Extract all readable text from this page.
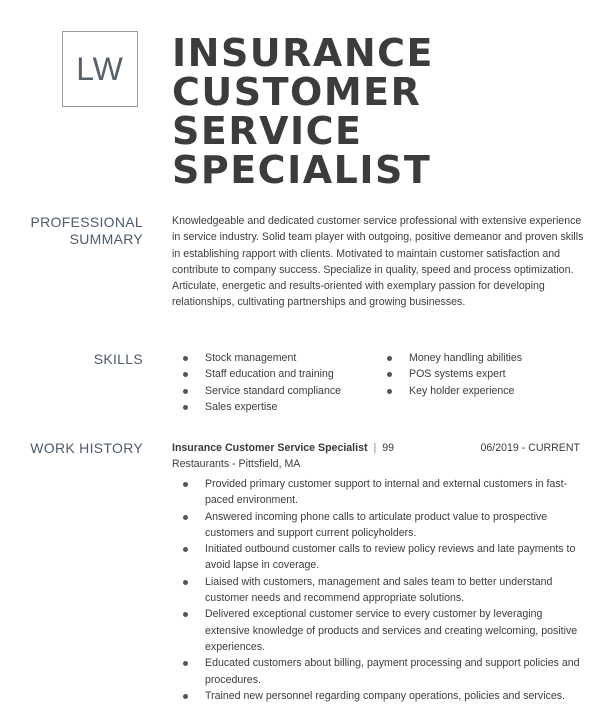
LW INSURANCE
CUSTOMER
SERVICE
SPECIALIST
PROFESSIONAL
SUMMARY

Knowledgeable and dedicated customer service professional with extensive experience in service industry. Solid team player with outgoing, positive demeanor and proven skills in establishing rapport with clients. Motivated to maintain customer satisfaction and contribute to company success. Specialize in quality, speed and process optimization. Articulate, energetic and results-oriented with exemplary passion for developing relationships, cultivating partnerships and growing businesses.

SKILLS	Stock management
Staff education and training
Service standard compliance
Sales expertise
Money handling abilities
POS systems expert
Key holder experience
WORK HISTORY	Insurance Customer Service Specialist | 99	06/2019 - CURRENT
Restaurants - Pittsfield, MA
Provided primary customer support to internal and external customers in fast-paced environment.
Answered incoming phone calls to articulate product value to prospective customers and support current policyholders.
Initiated outbound customer calls to review policy reviews and late payments to avoid lapse in coverage.
Liaised with customers, management and sales team to better understand customer needs and recommend appropriate solutions.
Delivered exceptional customer service to every customer by leveraging extensive knowledge of products and services and creating welcoming, positive experiences.
Educated customers about billing, payment processing and support policies and procedures.
Trained new personnel regarding company operations, policies and services.
